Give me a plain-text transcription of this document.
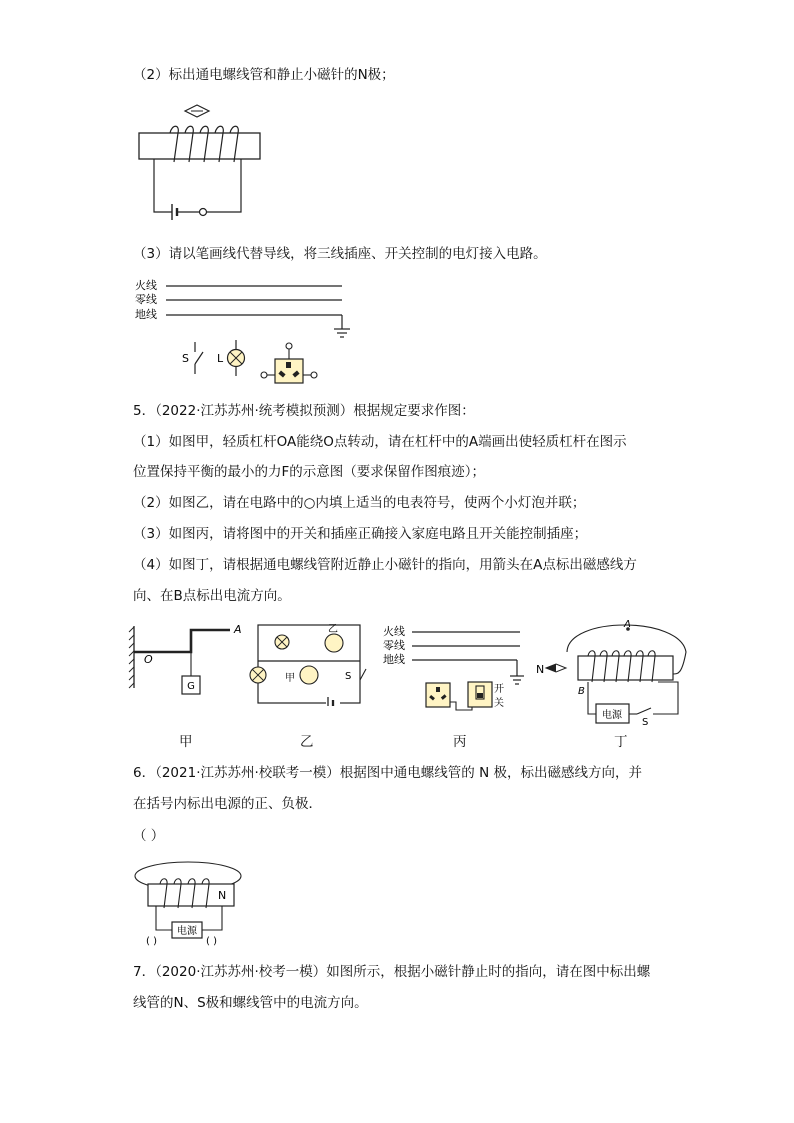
（2）标出通电螺线管和静止小磁针的N极；
（3）请以笔画线代替导线，将三线插座、开关控制的电灯接入电路。
火线
零线
地线
S	L
5．（2022·江苏苏州·统考模拟预测）根据规定要求作图：
（1）如图甲，轻质杠杆OA能绕O点转动，请在杠杆中的A端画出使轻质杠杆在图示
位置保持平衡的最小的力F的示意图（要求保留作图痕迹）；
（2）如图乙，请在电路中的○内填上适当的电表符号，使两个小灯泡并联；
（3）如图丙，请将图中的开关和插座正确接入家庭电路且开关能控制插座；
（4）如图丁，请根据通电螺线管附近静止小磁针的指向，用箭头在A点标出磁感线方
向、在B点标出电流方向。
O
A
G
乙
甲	S
火线
零线
地线
开
关
A
N
B
电源
S
甲	乙	丙	丁
6．（2021·江苏苏州·校联考一模）根据图中通电螺线管的 N 极，标出磁感线方向，并
在括号内标出电源的正、负极．
（ ）
N
电源
( )	( )
7．（2020·江苏苏州·校考一模）如图所示，根据小磁针静止时的指向，请在图中标出螺
线管的N、S极和螺线管中的电流方向。
